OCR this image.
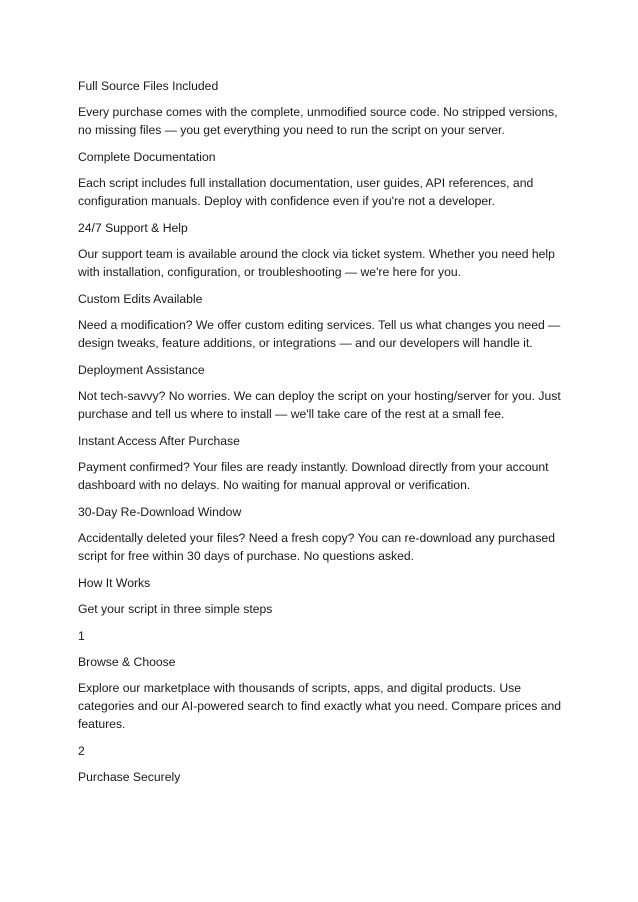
Full Source Files Included

Every purchase comes with the complete, unmodified source code. No stripped versions, no missing files — you get everything you need to run the script on your server.

Complete Documentation

Each script includes full installation documentation, user guides, API references, and configuration manuals. Deploy with confidence even if you're not a developer.

24/7 Support & Help

Our support team is available around the clock via ticket system. Whether you need help with installation, configuration, or troubleshooting — we're here for you.

Custom Edits Available

Need a modification? We offer custom editing services. Tell us what changes you need — design tweaks, feature additions, or integrations — and our developers will handle it.

Deployment Assistance

Not tech-savvy? No worries. We can deploy the script on your hosting/server for you. Just purchase and tell us where to install — we'll take care of the rest at a small fee.

Instant Access After Purchase

Payment confirmed? Your files are ready instantly. Download directly from your account dashboard with no delays. No waiting for manual approval or verification.

30-Day Re-Download Window

Accidentally deleted your files? Need a fresh copy? You can re-download any purchased script for free within 30 days of purchase. No questions asked.

How It Works

Get your script in three simple steps

1

Browse & Choose

Explore our marketplace with thousands of scripts, apps, and digital products. Use categories and our AI-powered search to find exactly what you need. Compare prices and features.

2

Purchase Securely
